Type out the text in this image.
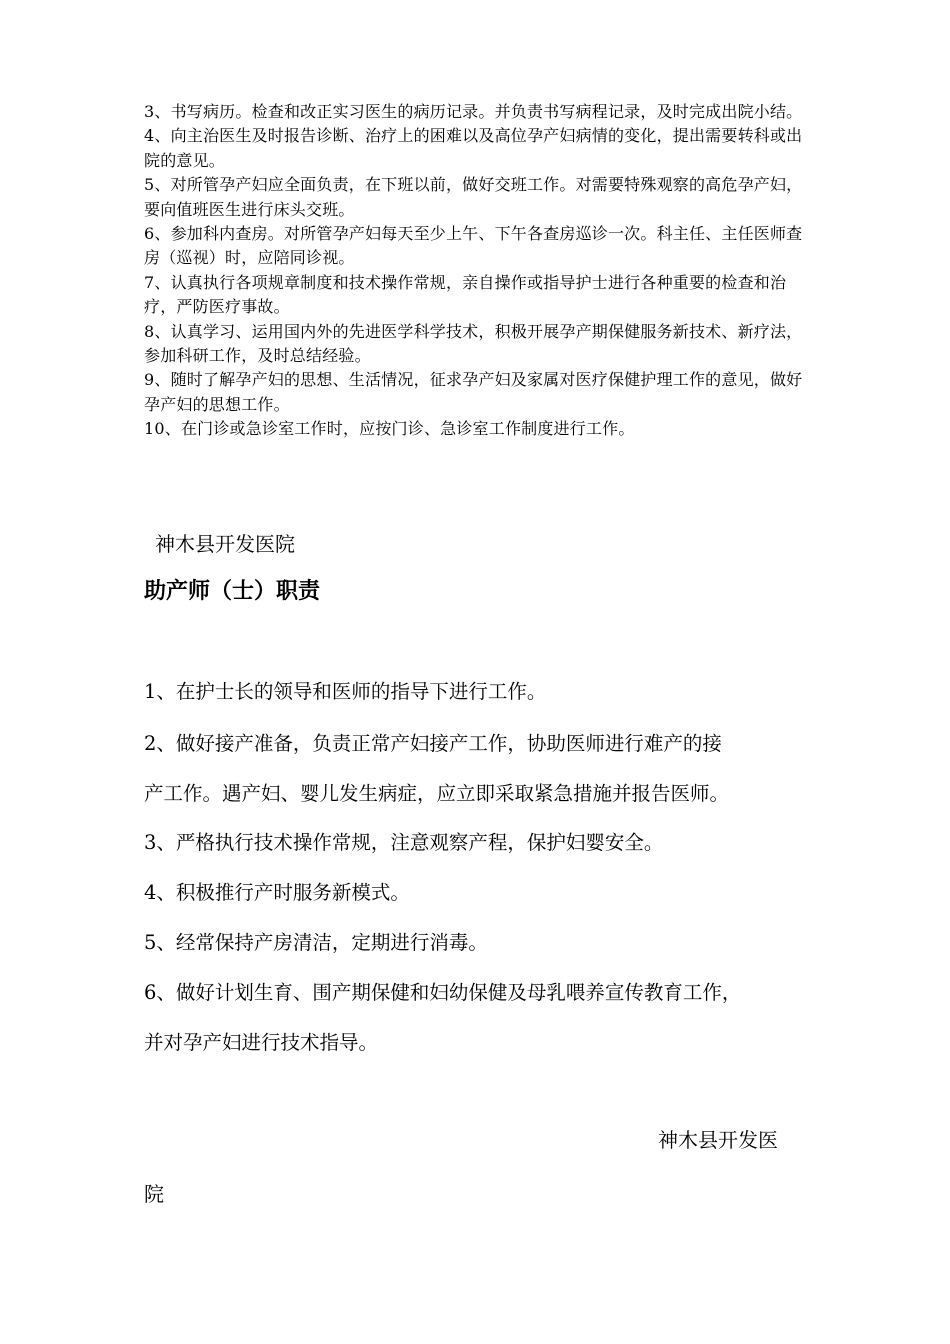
3、书写病历。检查和改正实习医生的病历记录。并负责书写病程记录，及时完成出院小结。

4、向主治医生及时报告诊断、治疗上的困难以及高位孕产妇病情的变化，提出需要转科或出院的意见。

5、对所管孕产妇应全面负责，在下班以前，做好交班工作。对需要特殊观察的高危孕产妇，要向值班医生进行床头交班。

6、参加科内查房。对所管孕产妇每天至少上午、下午各查房巡诊一次。科主任、主任医师查房（巡视）时，应陪同诊视。

7、认真执行各项规章制度和技术操作常规，亲自操作或指导护士进行各种重要的检查和治疗，严防医疗事故。

8、认真学习、运用国内外的先进医学科学技术，积极开展孕产期保健服务新技术、新疗法，参加科研工作，及时总结经验。

9、随时了解孕产妇的思想、生活情况，征求孕产妇及家属对医疗保健护理工作的意见，做好孕产妇的思想工作。

10、在门诊或急诊室工作时，应按门诊、急诊室工作制度进行工作。

神木县开发医院
助产师（士）职责

1、在护士长的领导和医师的指导下进行工作。

2、做好接产准备，负责正常产妇接产工作，协助医师进行难产的接

产工作。遇产妇、婴儿发生病症，应立即采取紧急措施并报告医师。

3、严格执行技术操作常规，注意观察产程，保护妇婴安全。

4、积极推行产时服务新模式。

5、经常保持产房清洁，定期进行消毒。

6、做好计划生育、围产期保健和妇幼保健及母乳喂养宣传教育工作，

并对孕产妇进行技术指导。

神木县开发医
院
